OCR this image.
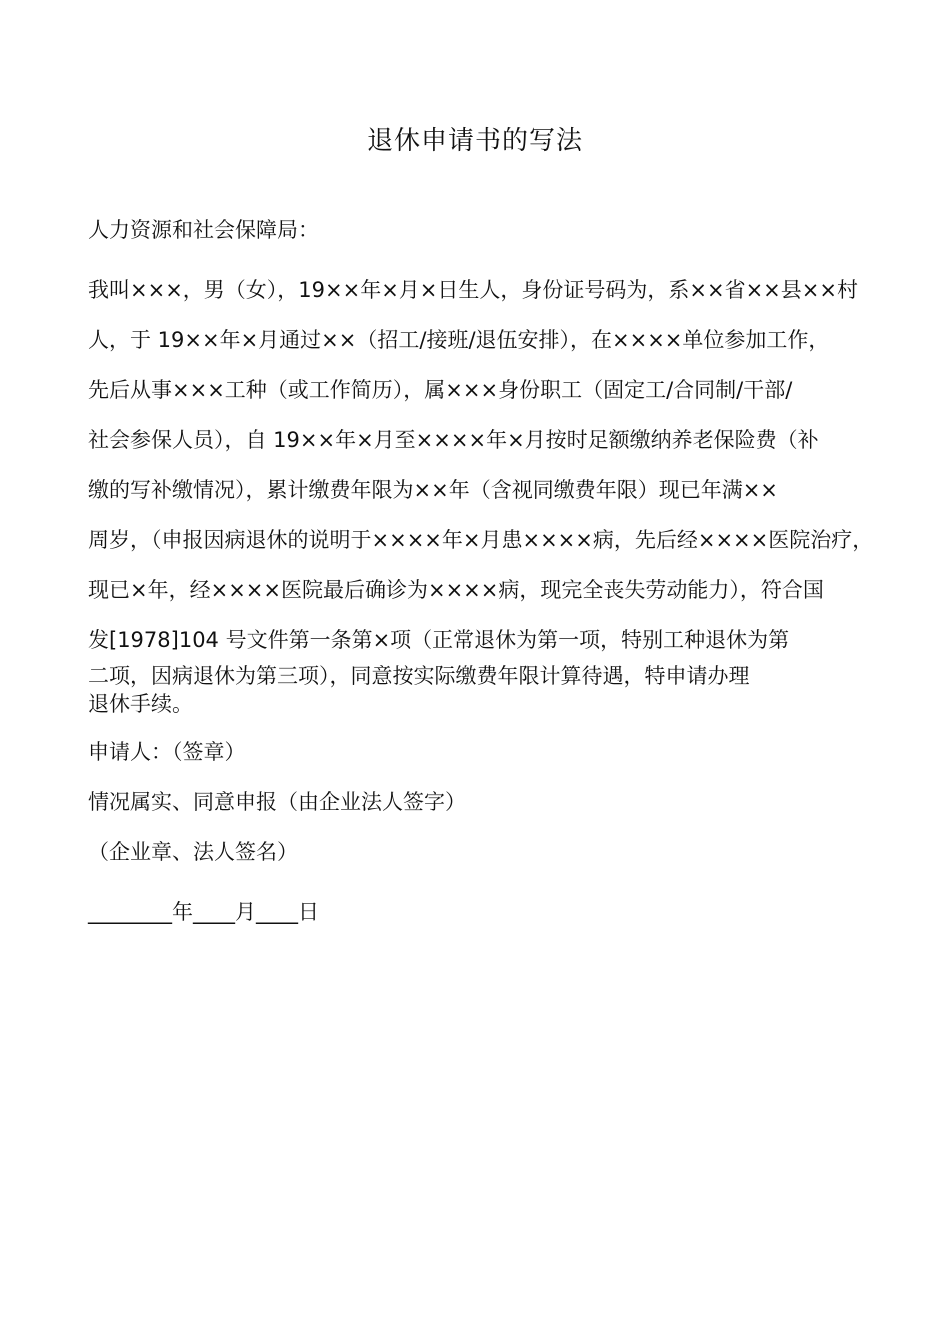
退休申请书的写法
人力资源和社会保障局：
我叫×××，男（女），19××年×月×日生人，身份证号码为，系××省××县××村
人，于 19××年×月通过××（招工/接班/退伍安排），在××××单位参加工作，
先后从事×××工种（或工作简历），属×××身份职工（固定工/合同制/干部/
社会参保人员），自 19××年×月至××××年×月按时足额缴纳养老保险费（补
缴的写补缴情况），累计缴费年限为××年（含视同缴费年限）现已年满××
周岁，（申报因病退休的说明于××××年×月患××××病，先后经××××医院治疗，
现已×年，经××××医院最后确诊为××××病，现完全丧失劳动能力），符合国
发[1978]104 号文件第一条第×项（正常退休为第一项，特别工种退休为第
二项，因病退休为第三项），同意按实际缴费年限计算待遇，特申请办理
退休手续。
申请人：（签章）
情况属实、同意申报（由企业法人签字）
（企业章、法人签名）
________年____月____日
